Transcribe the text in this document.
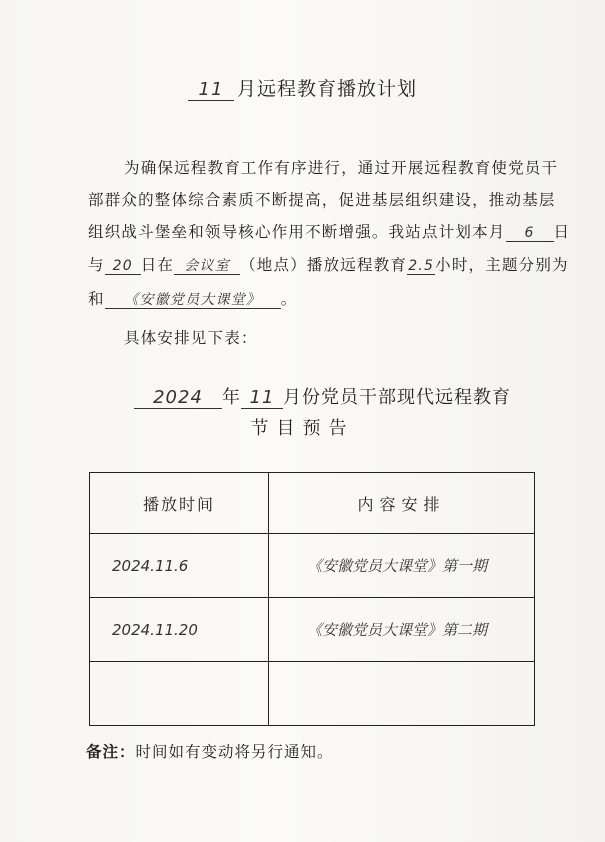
11 月远程教育播放计划
为确保远程教育工作有序进行，通过开展远程教育使党员干
部群众的整体综合素质不断提高，促进基层组织建设，推动基层
组织战斗堡垒和领导核心作用不断增强。我站点计划本月 6 日
与 20 日在 会议室 （地点）播放远程教育2.5小时，主题分别为
和 《安徽党员大课堂》 。
具体安排见下表：
2024 年 11 月份党员干部现代远程教育
节目预告
播放时间	内容安排
2024.11.6	《安徽党员大课堂》第一期
2024.11.20	《安徽党员大课堂》第二期

备注：时间如有变动将另行通知。
